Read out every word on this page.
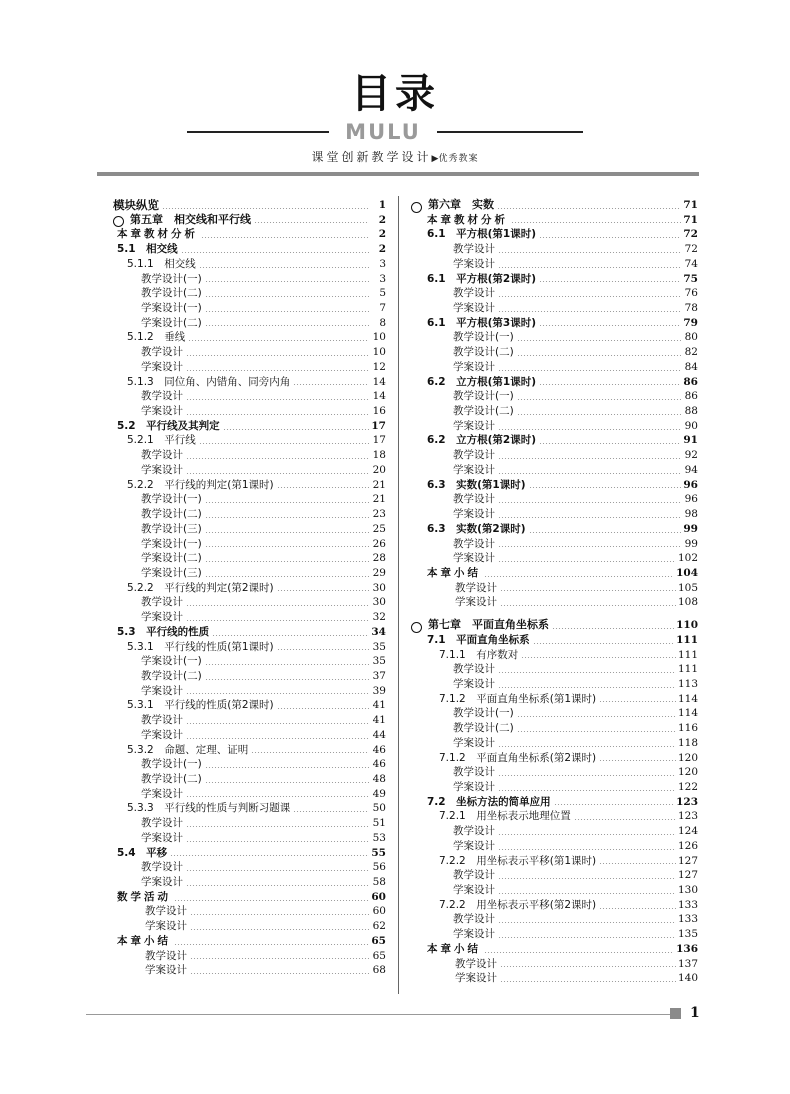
目录
MULU
课堂创新教学设计▶优秀教案
模块纵览	1
第五章　相交线和平行线	2
本章教材分析	2
5.1　相交线	2
5.1.1　相交线	3
教学设计(一)	3
教学设计(二)	5
学案设计(一)	7
学案设计(二)	8
5.1.2　垂线	10
教学设计	10
学案设计	12
5.1.3　同位角、内错角、同旁内角	14
教学设计	14
学案设计	16
5.2　平行线及其判定	17
5.2.1　平行线	17
教学设计	18
学案设计	20
5.2.2　平行线的判定(第1课时)	21
教学设计(一)	21
教学设计(二)	23
教学设计(三)	25
学案设计(一)	26
学案设计(二)	28
学案设计(三)	29
5.2.2　平行线的判定(第2课时)	30
教学设计	30
学案设计	32
5.3　平行线的性质	34
5.3.1　平行线的性质(第1课时)	35
学案设计(一)	35
教学设计(二)	37
学案设计	39
5.3.1　平行线的性质(第2课时)	41
教学设计	41
学案设计	44
5.3.2　命题、定理、证明	46
教学设计(一)	46
教学设计(二)	48
学案设计	49
5.3.3　平行线的性质与判断习题课	50
教学设计	51
学案设计	53
5.4　平移	55
教学设计	56
学案设计	58
数学活动	60
教学设计	60
学案设计	62
本章小结	65
教学设计	65
学案设计	68
第六章　实数	71
本章教材分析	71
6.1　平方根(第1课时)	72
教学设计	72
学案设计	74
6.1　平方根(第2课时)	75
教学设计	76
学案设计	78
6.1　平方根(第3课时)	79
教学设计(一)	80
教学设计(二)	82
学案设计	84
6.2　立方根(第1课时)	86
教学设计(一)	86
教学设计(二)	88
学案设计	90
6.2　立方根(第2课时)	91
教学设计	92
学案设计	94
6.3　实数(第1课时)	96
教学设计	96
学案设计	98
6.3　实数(第2课时)	99
教学设计	99
学案设计	102
本章小结	104
教学设计	105
学案设计	108
第七章　平面直角坐标系	110
7.1　平面直角坐标系	111
7.1.1　有序数对	111
教学设计	111
学案设计	113
7.1.2　平面直角坐标系(第1课时)	114
教学设计(一)	114
教学设计(二)	116
学案设计	118
7.1.2　平面直角坐标系(第2课时)	120
教学设计	120
学案设计	122
7.2　坐标方法的简单应用	123
7.2.1　用坐标表示地理位置	123
教学设计	124
学案设计	126
7.2.2　用坐标表示平移(第1课时)	127
教学设计	127
学案设计	130
7.2.2　用坐标表示平移(第2课时)	133
教学设计	133
学案设计	135
本章小结	136
教学设计	137
学案设计	140
1
